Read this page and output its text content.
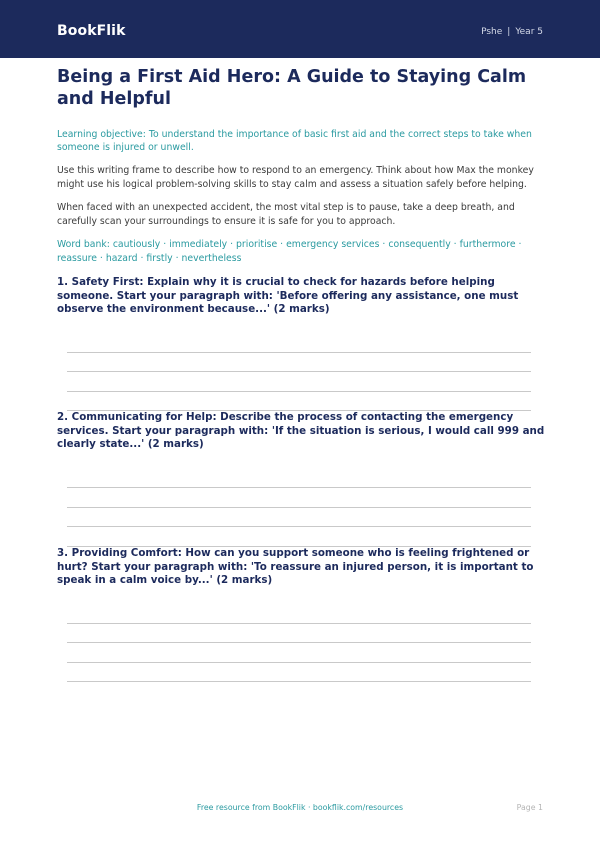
BookFlik	Pshe | Year 5
Being a First Aid Hero: A Guide to Staying Calm and Helpful

Learning objective: To understand the importance of basic first aid and the correct steps to take when someone is injured or unwell.

Use this writing frame to describe how to respond to an emergency. Think about how Max the monkey might use his logical problem-solving skills to stay calm and assess a situation safely before helping.

When faced with an unexpected accident, the most vital step is to pause, take a deep breath, and carefully scan your surroundings to ensure it is safe for you to approach.

Word bank: cautiously · immediately · prioritise · emergency services · consequently · furthermore · reassure · hazard · firstly · nevertheless

1. Safety First: Explain why it is crucial to check for hazards before helping someone. Start your paragraph with: 'Before offering any assistance, one must observe the environment because...' (2 marks)

2. Communicating for Help: Describe the process of contacting the emergency services. Start your paragraph with: 'If the situation is serious, I would call 999 and clearly state...' (2 marks)

3. Providing Comfort: How can you support someone who is feeling frightened or hurt? Start your paragraph with: 'To reassure an injured person, it is important to speak in a calm voice by...' (2 marks)

Free resource from BookFlik · bookflik.com/resources	Page 1
